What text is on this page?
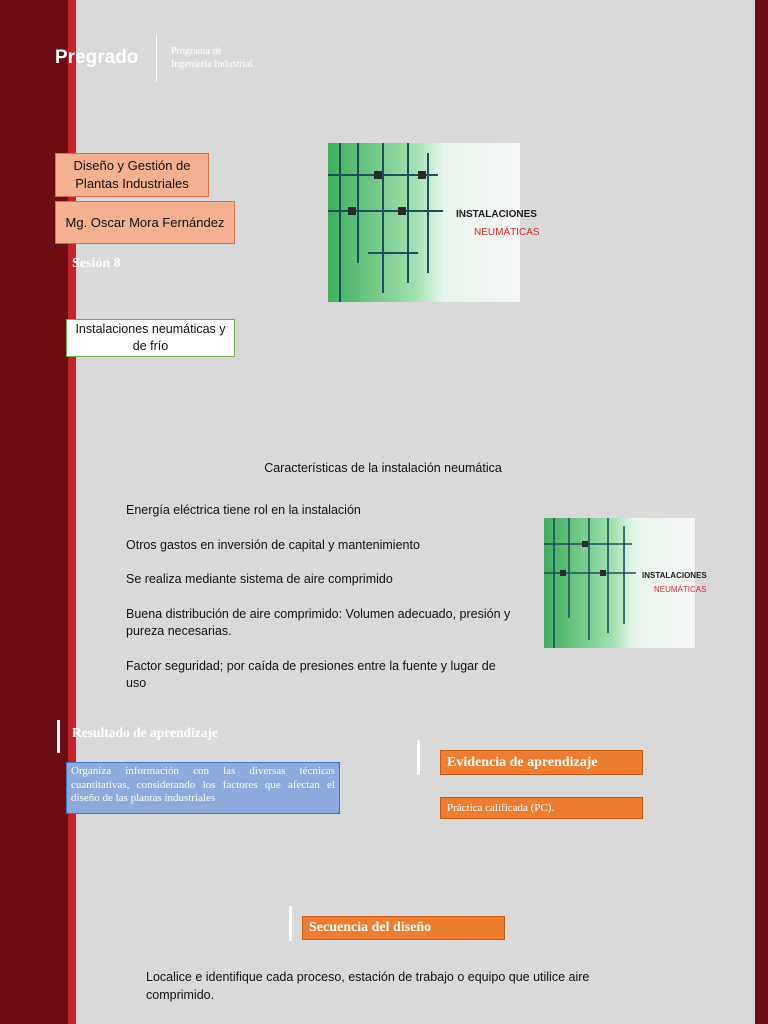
Pregrado	Programa de
Ingeniería Industrial
Diseño y Gestión de
Plantas Industriales
Mg. Oscar Mora Fernández
Sesión 8
Instalaciones neumáticas y
de frío
INSTALACIONES
NEUMÁTICAS
INSTALACIONES
NEUMÁTICAS
Características de la instalación neumática

Energía eléctrica tiene rol en la instalación

Otros gastos en inversión de capital y mantenimiento

Se realiza mediante sistema de aire comprimido

Buena distribución de aire comprimido: Volumen adecuado, presión y pureza necesarias.

Factor seguridad; por caída de presiones entre la fuente y lugar de uso

Resultado de aprendizaje
Organiza información con las diversas técnicas cuantitativas, considerando los factores que afectan el diseño de las plantas industriales
Evidencia de aprendizaje
Práctica calificada (PC).
Secuencia del diseño
Localice e identifique cada proceso, estación de trabajo o equipo que utilice aire comprimido.
